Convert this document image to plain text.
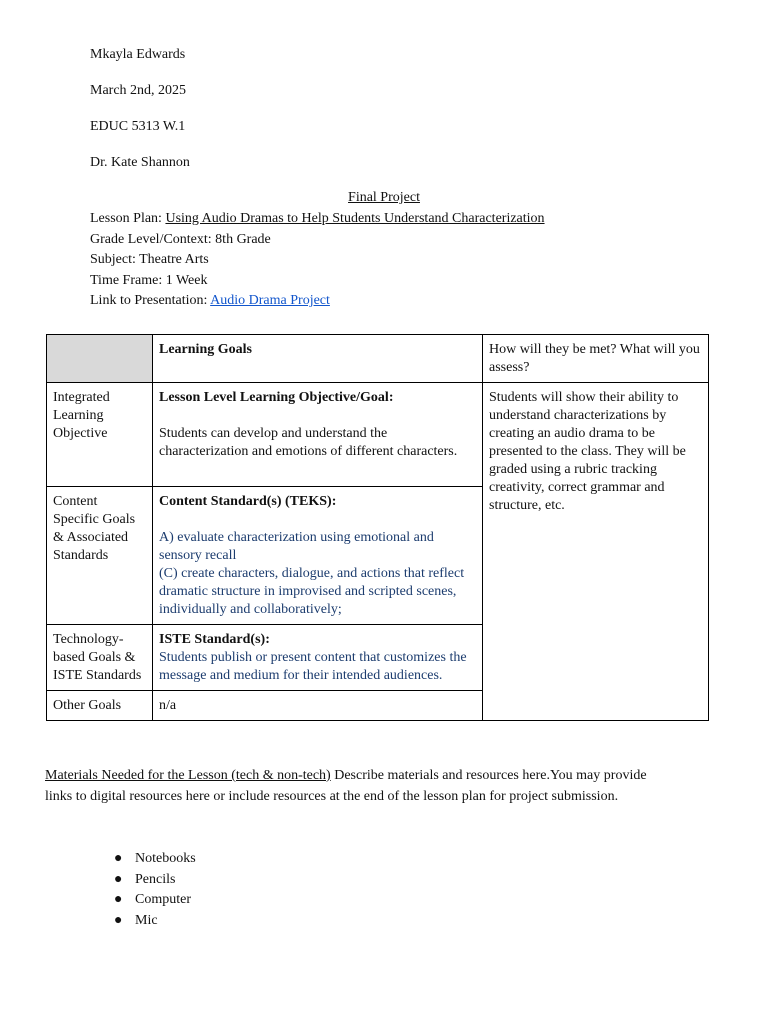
Mkayla Edwards
March 2nd, 2025
EDUC 5313 W.1
Dr. Kate Shannon
Final Project
Lesson Plan: Using Audio Dramas to Help Students Understand Characterization
Grade Level/Context: 8th Grade
Subject: Theatre Arts
Time Frame: 1 Week
Link to Presentation: Audio Drama Project
	Learning Goals	How will they be met? What will you assess?
Integrated Learning Objective	Lesson Level Learning Objective/Goal:
Students can develop and understand the characterization and emotions of different characters.	Students will show their ability to understand characterizations by creating an audio drama to be presented to the class. They will be graded using a rubric tracking creativity, correct grammar and structure, etc.
Content Specific Goals & Associated Standards	Content Standard(s) (TEKS):
A) evaluate characterization using emotional and sensory recall
(C) create characters, dialogue, and actions that reflect dramatic structure in improvised and scripted scenes, individually and collaboratively;	

Technology-based Goals & ISTE Standards	ISTE Standard(s):
Students publish or present content that customizes the message and medium for their intended audiences.	

Other Goals	n/a	
Materials Needed for the Lesson (tech & non-tech) Describe materials and resources here.You may provide links to digital resources here or include resources at the end of the lesson plan for project submission.
● Notebooks
● Pencils
● Computer
● Mic
